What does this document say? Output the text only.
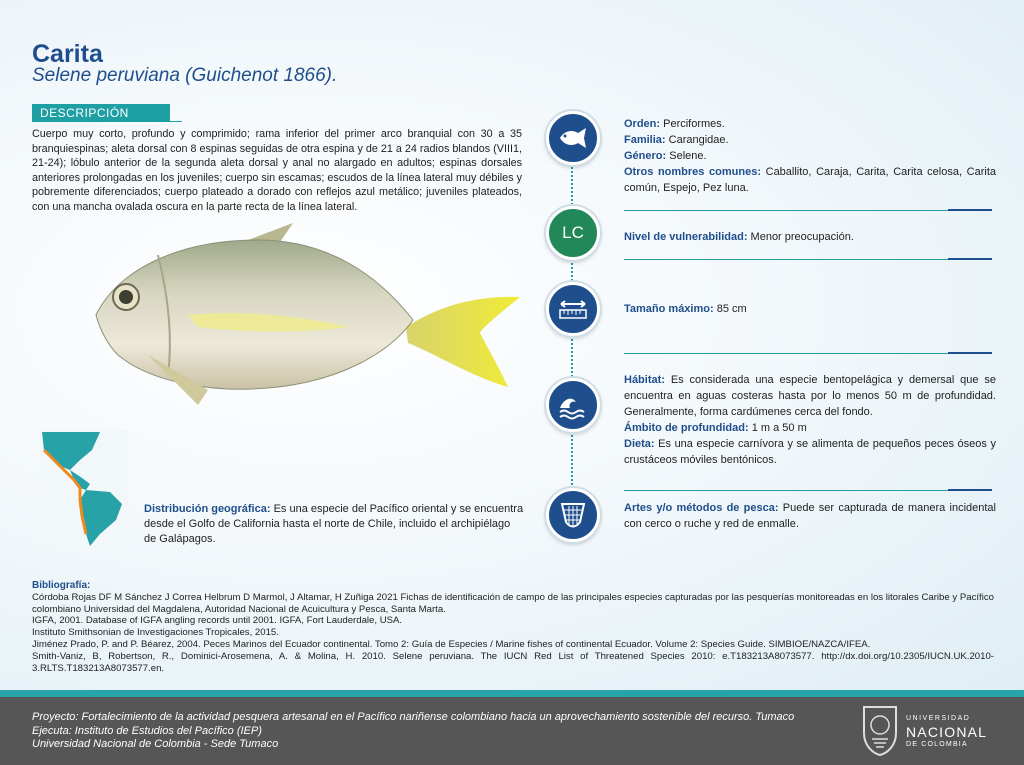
Carita
Selene peruviana (Guichenot 1866).
DESCRIPCIÓN
Cuerpo muy corto, profundo y comprimido; rama inferior del primer arco branquial con 30 a 35 branquiespinas; aleta dorsal con 8 espinas seguidas de otra espina y de 21 a 24 radios blandos (VIII1, 21-24); lóbulo anterior de la segunda aleta dorsal y anal no alargado en adultos; espinas dorsales anteriores prolongadas en los juveniles; cuerpo sin escamas; escudos de la línea lateral muy débiles y pobremente diferenciados; cuerpo plateado a dorado con reflejos azul metálico; juveniles plateados, con una mancha ovalada oscura en la parte recta de la línea lateral.
Distribución geográfica: Es una especie del Pacífico oriental y se encuentra desde el Golfo de California hasta el norte de Chile, incluido el archipiélago de Galápagos.
LC
Orden: Perciformes.
Familia: Carangidae.
Género: Selene.
Otros nombres comunes: Caballito, Caraja, Carita, Carita celosa, Carita común, Espejo, Pez luna.
Nivel de vulnerabilidad: Menor preocupación.
Tamaño máximo: 85 cm
Hábitat: Es considerada una especie bentopelágica y demersal que se encuentra en aguas costeras hasta por lo menos 50 m de profundidad. Generalmente, forma cardúmenes cerca del fondo.
Ámbito de profundidad: 1 m a 50 m
Dieta: Es una especie carnívora y se alimenta de pequeños peces óseos y crustáceos móviles bentónicos.
Artes y/o métodos de pesca: Puede ser capturada de manera incidental con cerco o ruche y red de enmalle.
Bibliografía:

Córdoba Rojas DF M Sánchez J Correa Helbrum D Marmol, J Altamar, H Zuñiga 2021 Fichas de identificación de campo de las principales especies capturadas por las pesquerías monitoreadas en los litorales Caribe y Pacífico colombiano Universidad del Magdalena, Autoridad Nacional de Acuicultura y Pesca, Santa Marta.

IGFA, 2001. Database of IGFA angling records until 2001. IGFA, Fort Lauderdale, USA.

Instituto Smithsonian de Investigaciones Tropicales, 2015.

Jiménez Prado, P. and P. Béarez, 2004. Peces Marinos del Ecuador continental. Tomo 2: Guía de Especies / Marine fishes of continental Ecuador. Volume 2: Species Guide. SIMBIOE/NAZCA/IFEA.

Smith-Vaniz, B, Robertson, R., Dominici-Arosemena, A. & Molina, H. 2010. Selene peruviana. The IUCN Red List of Threatened Species 2010: e.T183213A8073577. http://dx.doi.org/10.2305/IUCN.UK.2010-3.RLTS.T183213A8073577.en.

Proyecto: Fortalecimiento de la actividad pesquera artesanal en el Pacífico nariñense colombiano hacia un aprovechamiento sostenible del recurso. Tumaco
Ejecuta: Instituto de Estudios del Pacífico (IEP)
Universidad Nacional de Colombia - Sede Tumaco
UNIVERSIDAD
NACIONAL
DE COLOMBIA
